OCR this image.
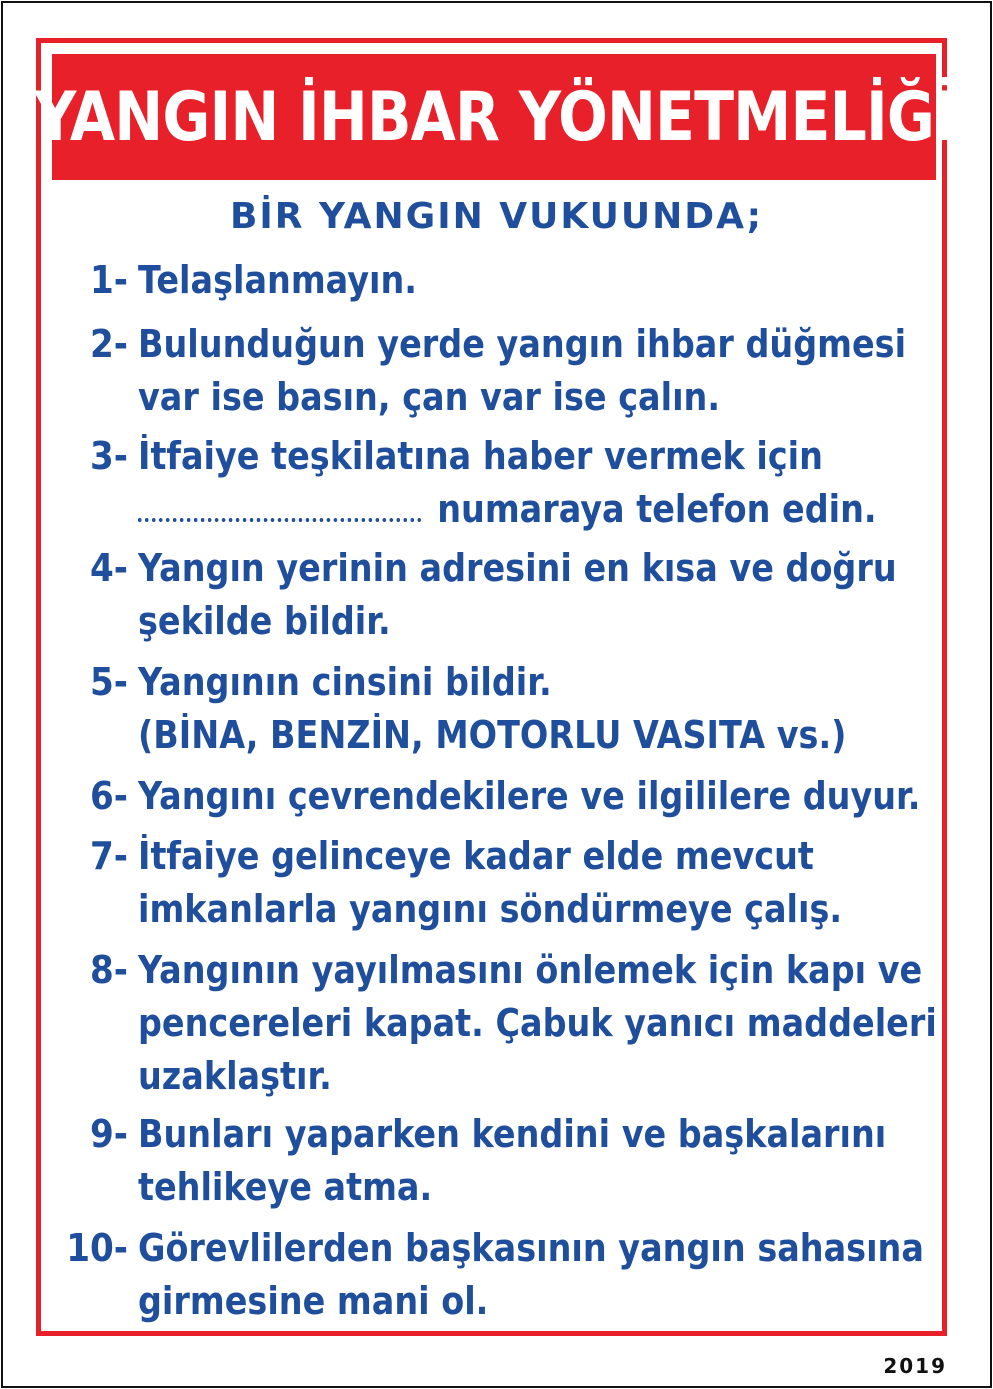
YANGIN İHBAR YÖNETMELİĞİ
BİR YANGIN VUKUUNDA;
1- Telaşlanmayın.
2- Bulunduğun yerde yangın ihbar düğmesi
var ise basın, çan var ise çalın.
3- İtfaiye teşkilatına haber vermek için
numaraya telefon edin.
4- Yangın yerinin adresini en kısa ve doğru
şekilde bildir.
5- Yangının cinsini bildir.
(BİNA, BENZİN, MOTORLU VASITA vs.)
6- Yangını çevrendekilere ve ilgililere duyur.
7- İtfaiye gelinceye kadar elde mevcut
imkanlarla yangını söndürmeye çalış.
8- Yangının yayılmasını önlemek için kapı ve
pencereleri kapat. Çabuk yanıcı maddeleri
uzaklaştır.
9- Bunları yaparken kendini ve başkalarını
tehlikeye atma.
10- Görevlilerden başkasının yangın sahasına
girmesine mani ol.
2019
